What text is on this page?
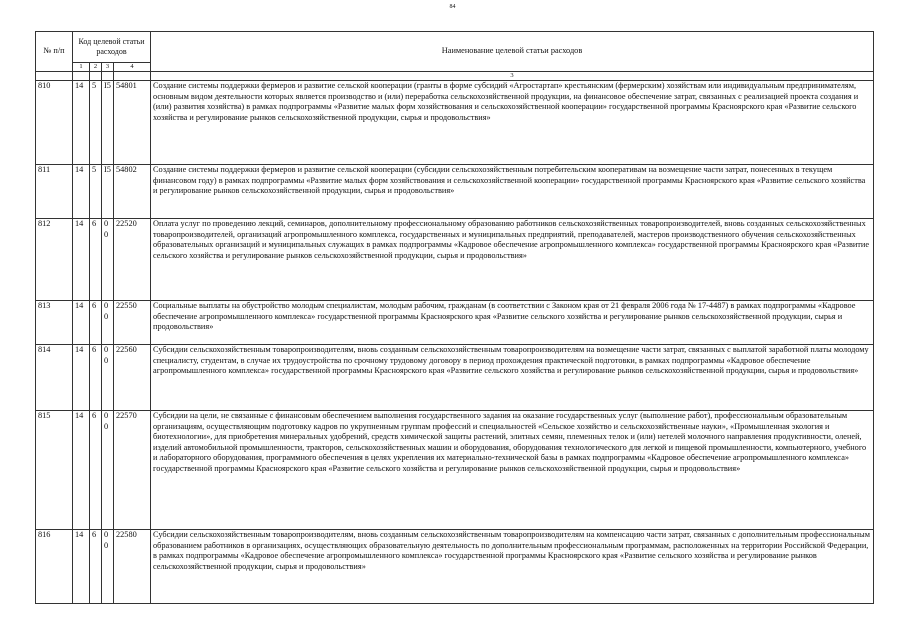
84
№ п/п	Код целевой статьи расходов				Наименование целевой статьи расходов
	1	2	3	4	
					3
810	14	5	I5	54801	Создание системы поддержки фермеров и развитие сельской кооперации (гранты в форме субсидий «Агростартап» крестьянским (фермерским) хозяйствам или индивидуальным предпринимателям, основным видом деятельности которых является производство и (или) переработка сельскохозяйственной продукции, на финансовое обеспечение затрат, связанных с реализацией проекта создания и (или) развития хозяйства) в рамках подпрограммы «Развитие малых форм хозяйствования и сельскохозяйственной кооперации» государственной программы Красноярского края «Развитие сельского хозяйства и регулирование рынков сельскохозяйственной продукции, сырья и продовольствия»
811	14	5	I5	54802	Создание системы поддержки фермеров и развитие сельской кооперации (субсидии сельскохозяйственным потребительским кооперативам на возмещение части затрат, понесенных в текущем финансовом году) в рамках подпрограммы «Развитие малых форм хозяйствования и сельскохозяйственной кооперации» государственной программы Красноярского края «Развитие сельского хозяйства и регулирование рынков сельскохозяйственной продукции, сырья и продовольствия»
812	14	6	00	22520	Оплата услуг по проведению лекций, семинаров, дополнительному профессиональному образованию работников сельскохозяйственных товаропроизводителей, вновь созданных сельскохозяйственных товаропроизводителей, организаций агропромышленного комплекса, государственных и муниципальных предприятий, преподавателей, мастеров производственного обучения сельскохозяйственных образовательных организаций и муниципальных служащих в рамках подпрограммы «Кадровое обеспечение агропромышленного комплекса» государственной программы Красноярского края «Развитие сельского хозяйства и регулирование рынков сельскохозяйственной продукции, сырья и продовольствия»
813	14	6	00	22550	Социальные выплаты на обустройство молодым специалистам, молодым рабочим, гражданам (в соответствии с Законом края от 21 февраля 2006 года № 17-4487) в рамках подпрограммы «Кадровое обеспечение агропромышленного комплекса» государственной программы Красноярского края «Развитие сельского хозяйства и регулирование рынков сельскохозяйственной продукции, сырья и продовольствия»
814	14	6	00	22560	Субсидии сельскохозяйственным товаропроизводителям, вновь созданным сельскохозяйственным товаропроизводителям на возмещение части затрат, связанных с выплатой заработной платы молодому специалисту, студентам, в случае их трудоустройства по срочному трудовому договору в период прохождения практической подготовки, в рамках подпрограммы «Кадровое обеспечение агропромышленного комплекса» государственной программы Красноярского края «Развитие сельского хозяйства и регулирование рынков сельскохозяйственной продукции, сырья и продовольствия»
815	14	6	00	22570	Субсидии на цели, не связанные с финансовым обеспечением выполнения государственного задания на оказание государственных услуг (выполнение работ), профессиональным образовательным организациям, осуществляющим подготовку кадров по укрупненным группам профессий и специальностей «Сельское хозяйство и сельскохозяйственные науки», «Промышленная экология и биотехнологии», для приобретения минеральных удобрений, средств химической защиты растений, элитных семян, племенных телок и (или) нетелей молочного направления продуктивности, оленей, изделий автомобильной промышленности, тракторов, сельскохозяйственных машин и оборудования, оборудования технологического для легкой и пищевой промышленности, компьютерного, учебного и лабораторного оборудования, программного обеспечения в целях укрепления их материально-технической базы в рамках подпрограммы «Кадровое обеспечение агропромышленного комплекса» государственной программы Красноярского края «Развитие сельского хозяйства и регулирование рынков сельскохозяйственной продукции, сырья и продовольствия»
816	14	6	00	22580	Субсидии сельскохозяйственным товаропроизводителям, вновь созданным сельскохозяйственным товаропроизводителям на компенсацию части затрат, связанных с дополнительным профессиональным образованием работников в организациях, осуществляющих образовательную деятельность по дополнительным профессиональным программам, расположенных на территории Российской Федерации, в рамках подпрограммы «Кадровое обеспечение агропромышленного комплекса» государственной программы Красноярского края «Развитие сельского хозяйства и регулирование рынков сельскохозяйственной продукции, сырья и продовольствия»
